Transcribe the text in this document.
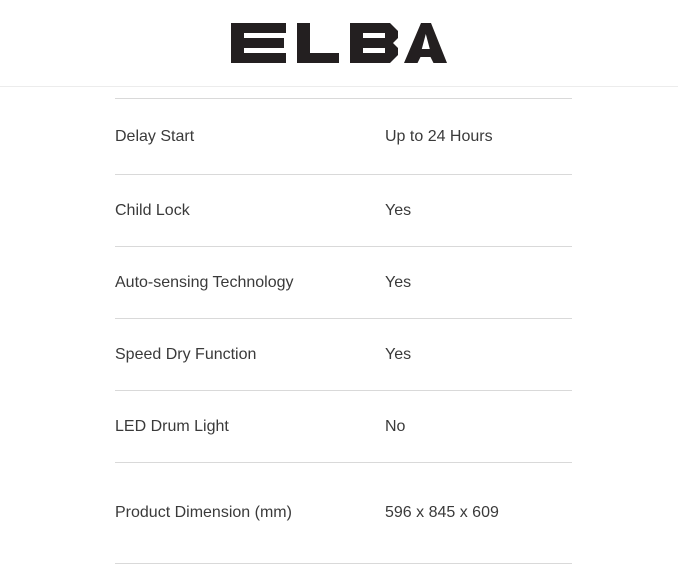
Delay Start	Up to 24 Hours
Child Lock	Yes
Auto-sensing Technology	Yes
Speed Dry Function	Yes
LED Drum Light	No
Product Dimension (mm)	596 x 845 x 609
